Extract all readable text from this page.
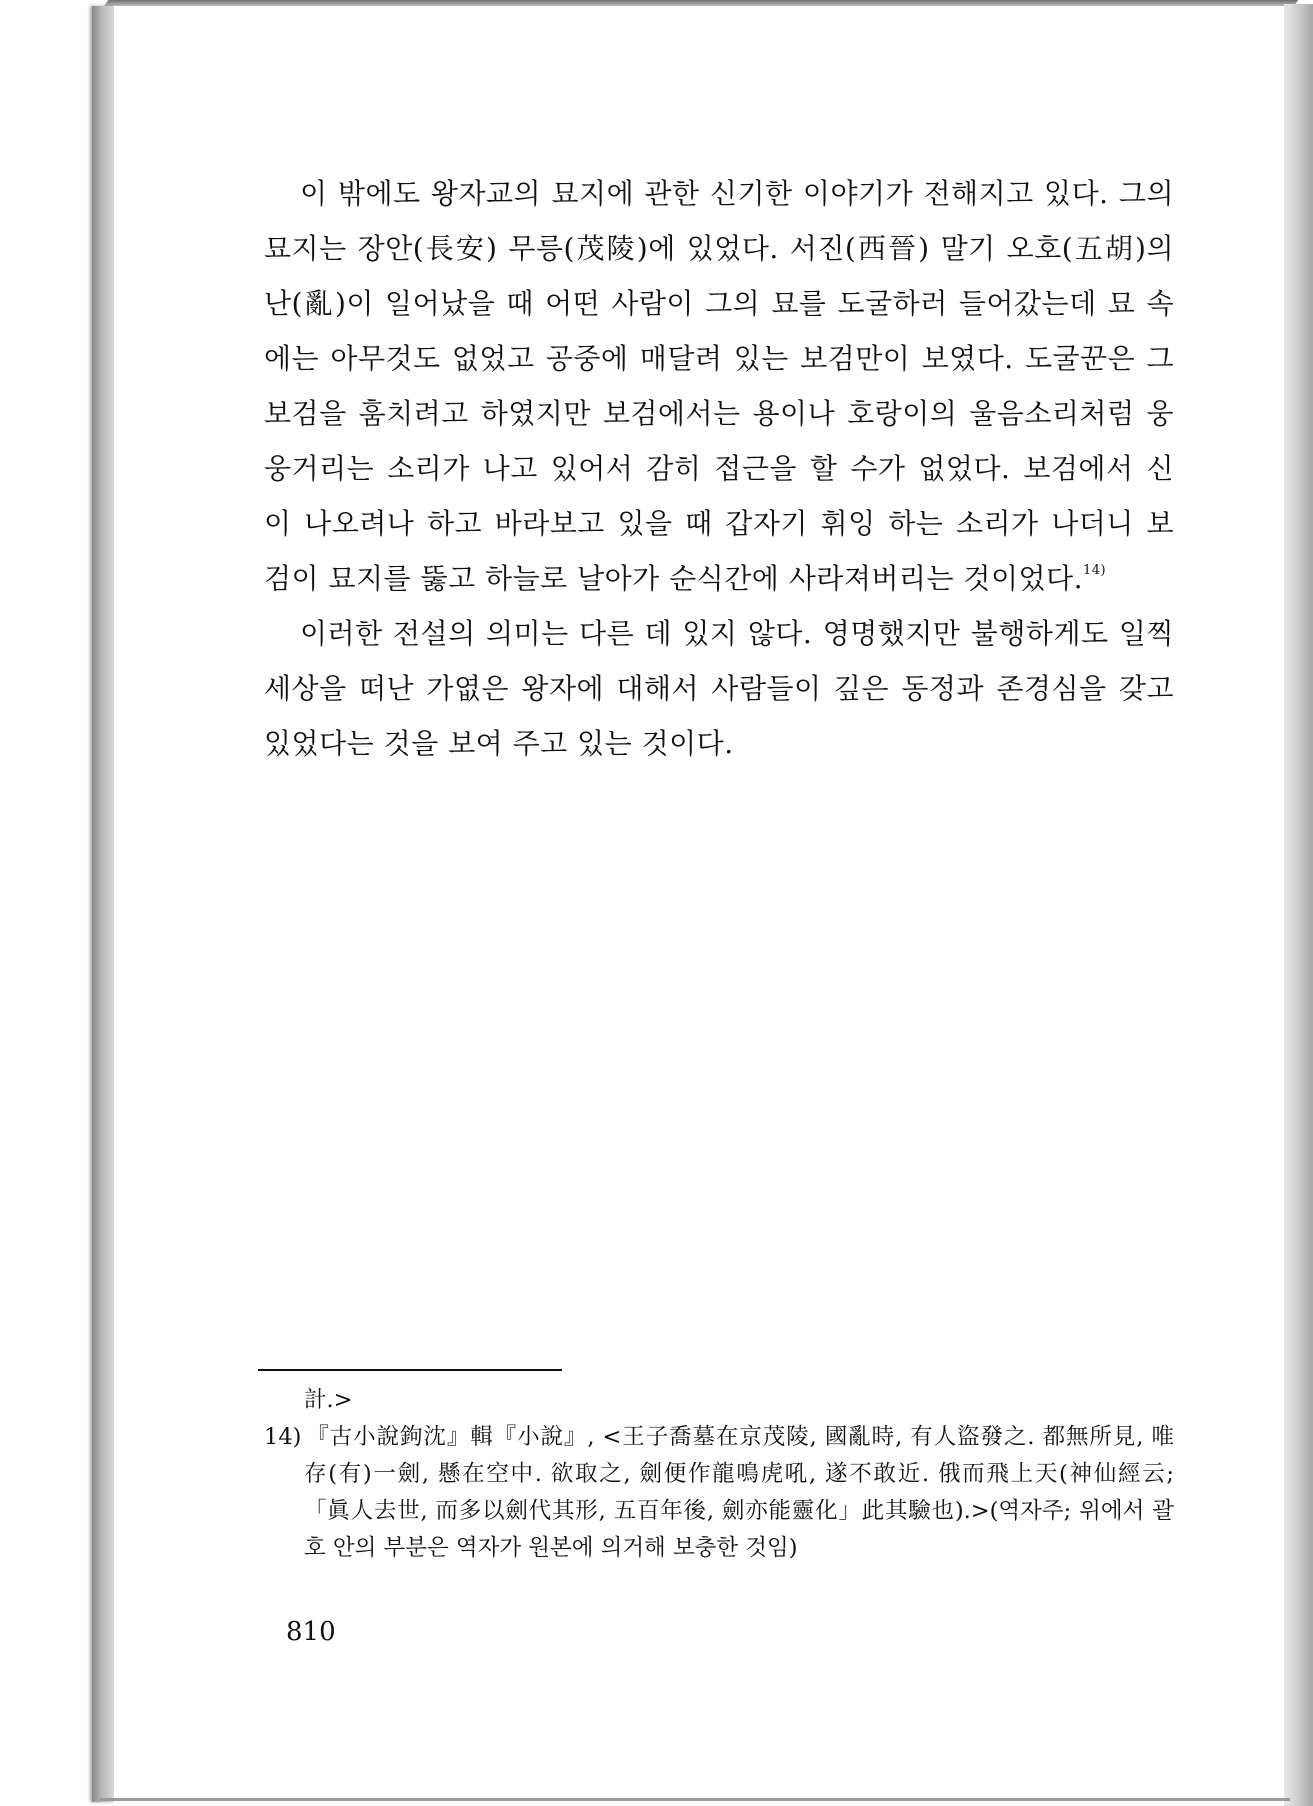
이 밖에도 왕자교의 묘지에 관한 신기한 이야기가 전해지고 있다. 그의
묘지는 장안(長安) 무릉(茂陵)에 있었다. 서진(西晉) 말기 오호(五胡)의
난(亂)이 일어났을 때 어떤 사람이 그의 묘를 도굴하러 들어갔는데 묘 속
에는 아무것도 없었고 공중에 매달려 있는 보검만이 보였다. 도굴꾼은 그
보검을 훔치려고 하였지만 보검에서는 용이나 호랑이의 울음소리처럼 웅
웅거리는 소리가 나고 있어서 감히 접근을 할 수가 없었다. 보검에서 신
이 나오려나 하고 바라보고 있을 때 갑자기 휘잉 하는 소리가 나더니 보
검이 묘지를 뚫고 하늘로 날아가 순식간에 사라져버리는 것이었다.$^{14)}$

이러한 전설의 의미는 다른 데 있지 않다. 영명했지만 불행하게도 일찍
세상을 떠난 가엾은 왕자에 대해서 사람들이 깊은 동정과 존경심을 갖고
있었다는 것을 보여 주고 있는 것이다.

計.>
14) 『古小說鉤沈』輯『小說』, <王子喬墓在京茂陵, 國亂時, 有人盜發之. 都無所見, 唯
存(有)一劍, 懸在空中. 欲取之, 劍便作龍鳴虎吼, 遂不敢近. 俄而飛上天(神仙經云;
「眞人去世, 而多以劍代其形, 五百年後, 劍亦能靈化」此其驗也).>(역자주; 위에서 괄
호 안의 부분은 역자가 원본에 의거해 보충한 것임)
810
